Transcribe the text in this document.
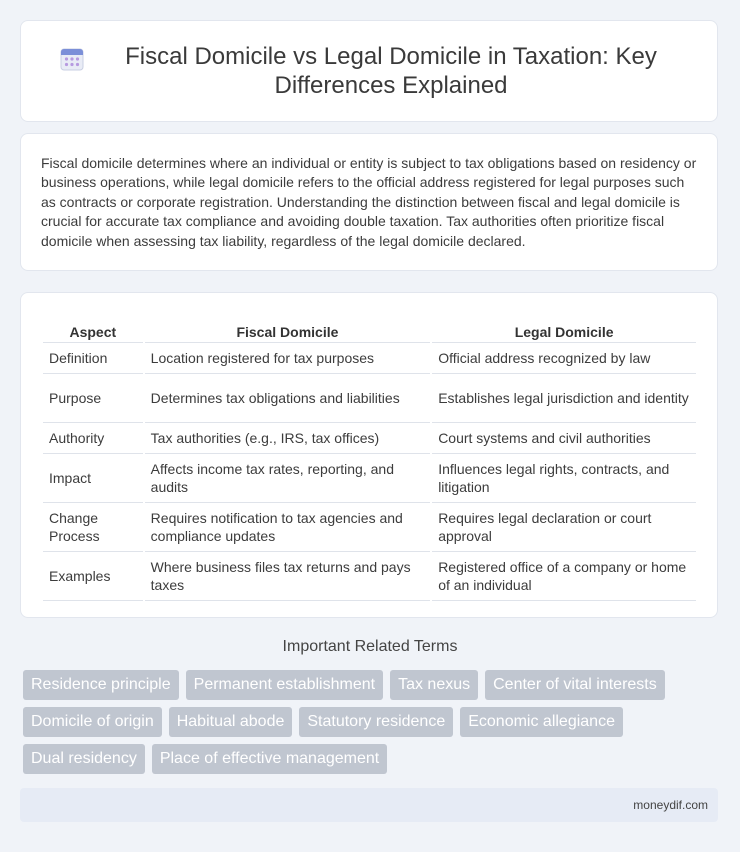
Fiscal Domicile vs Legal Domicile in Taxation: Key Differences Explained

Fiscal domicile determines where an individual or entity is subject to tax obligations based on residency or business operations, while legal domicile refers to the official address registered for legal purposes such as contracts or corporate registration. Understanding the distinction between fiscal and legal domicile is crucial for accurate tax compliance and avoiding double taxation. Tax authorities often prioritize fiscal domicile when assessing tax liability, regardless of the legal domicile declared.

Aspect	Fiscal Domicile	Legal Domicile
Definition	Location registered for tax purposes	Official address recognized by law
Purpose	Determines tax obligations and liabilities	Establishes legal jurisdiction and identity
Authority	Tax authorities (e.g., IRS, tax offices)	Court systems and civil authorities
Impact	Affects income tax rates, reporting, and audits	Influences legal rights, contracts, and litigation
Change Process	Requires notification to tax agencies and compliance updates	Requires legal declaration or court approval
Examples	Where business files tax returns and pays taxes	Registered office of a company or home of an individual
Important Related Terms
Residence principle	Permanent establishment	Tax nexus	Center of vital interests
Domicile of origin	Habitual abode	Statutory residence	Economic allegiance
Dual residency	Place of effective management
moneydif.com
